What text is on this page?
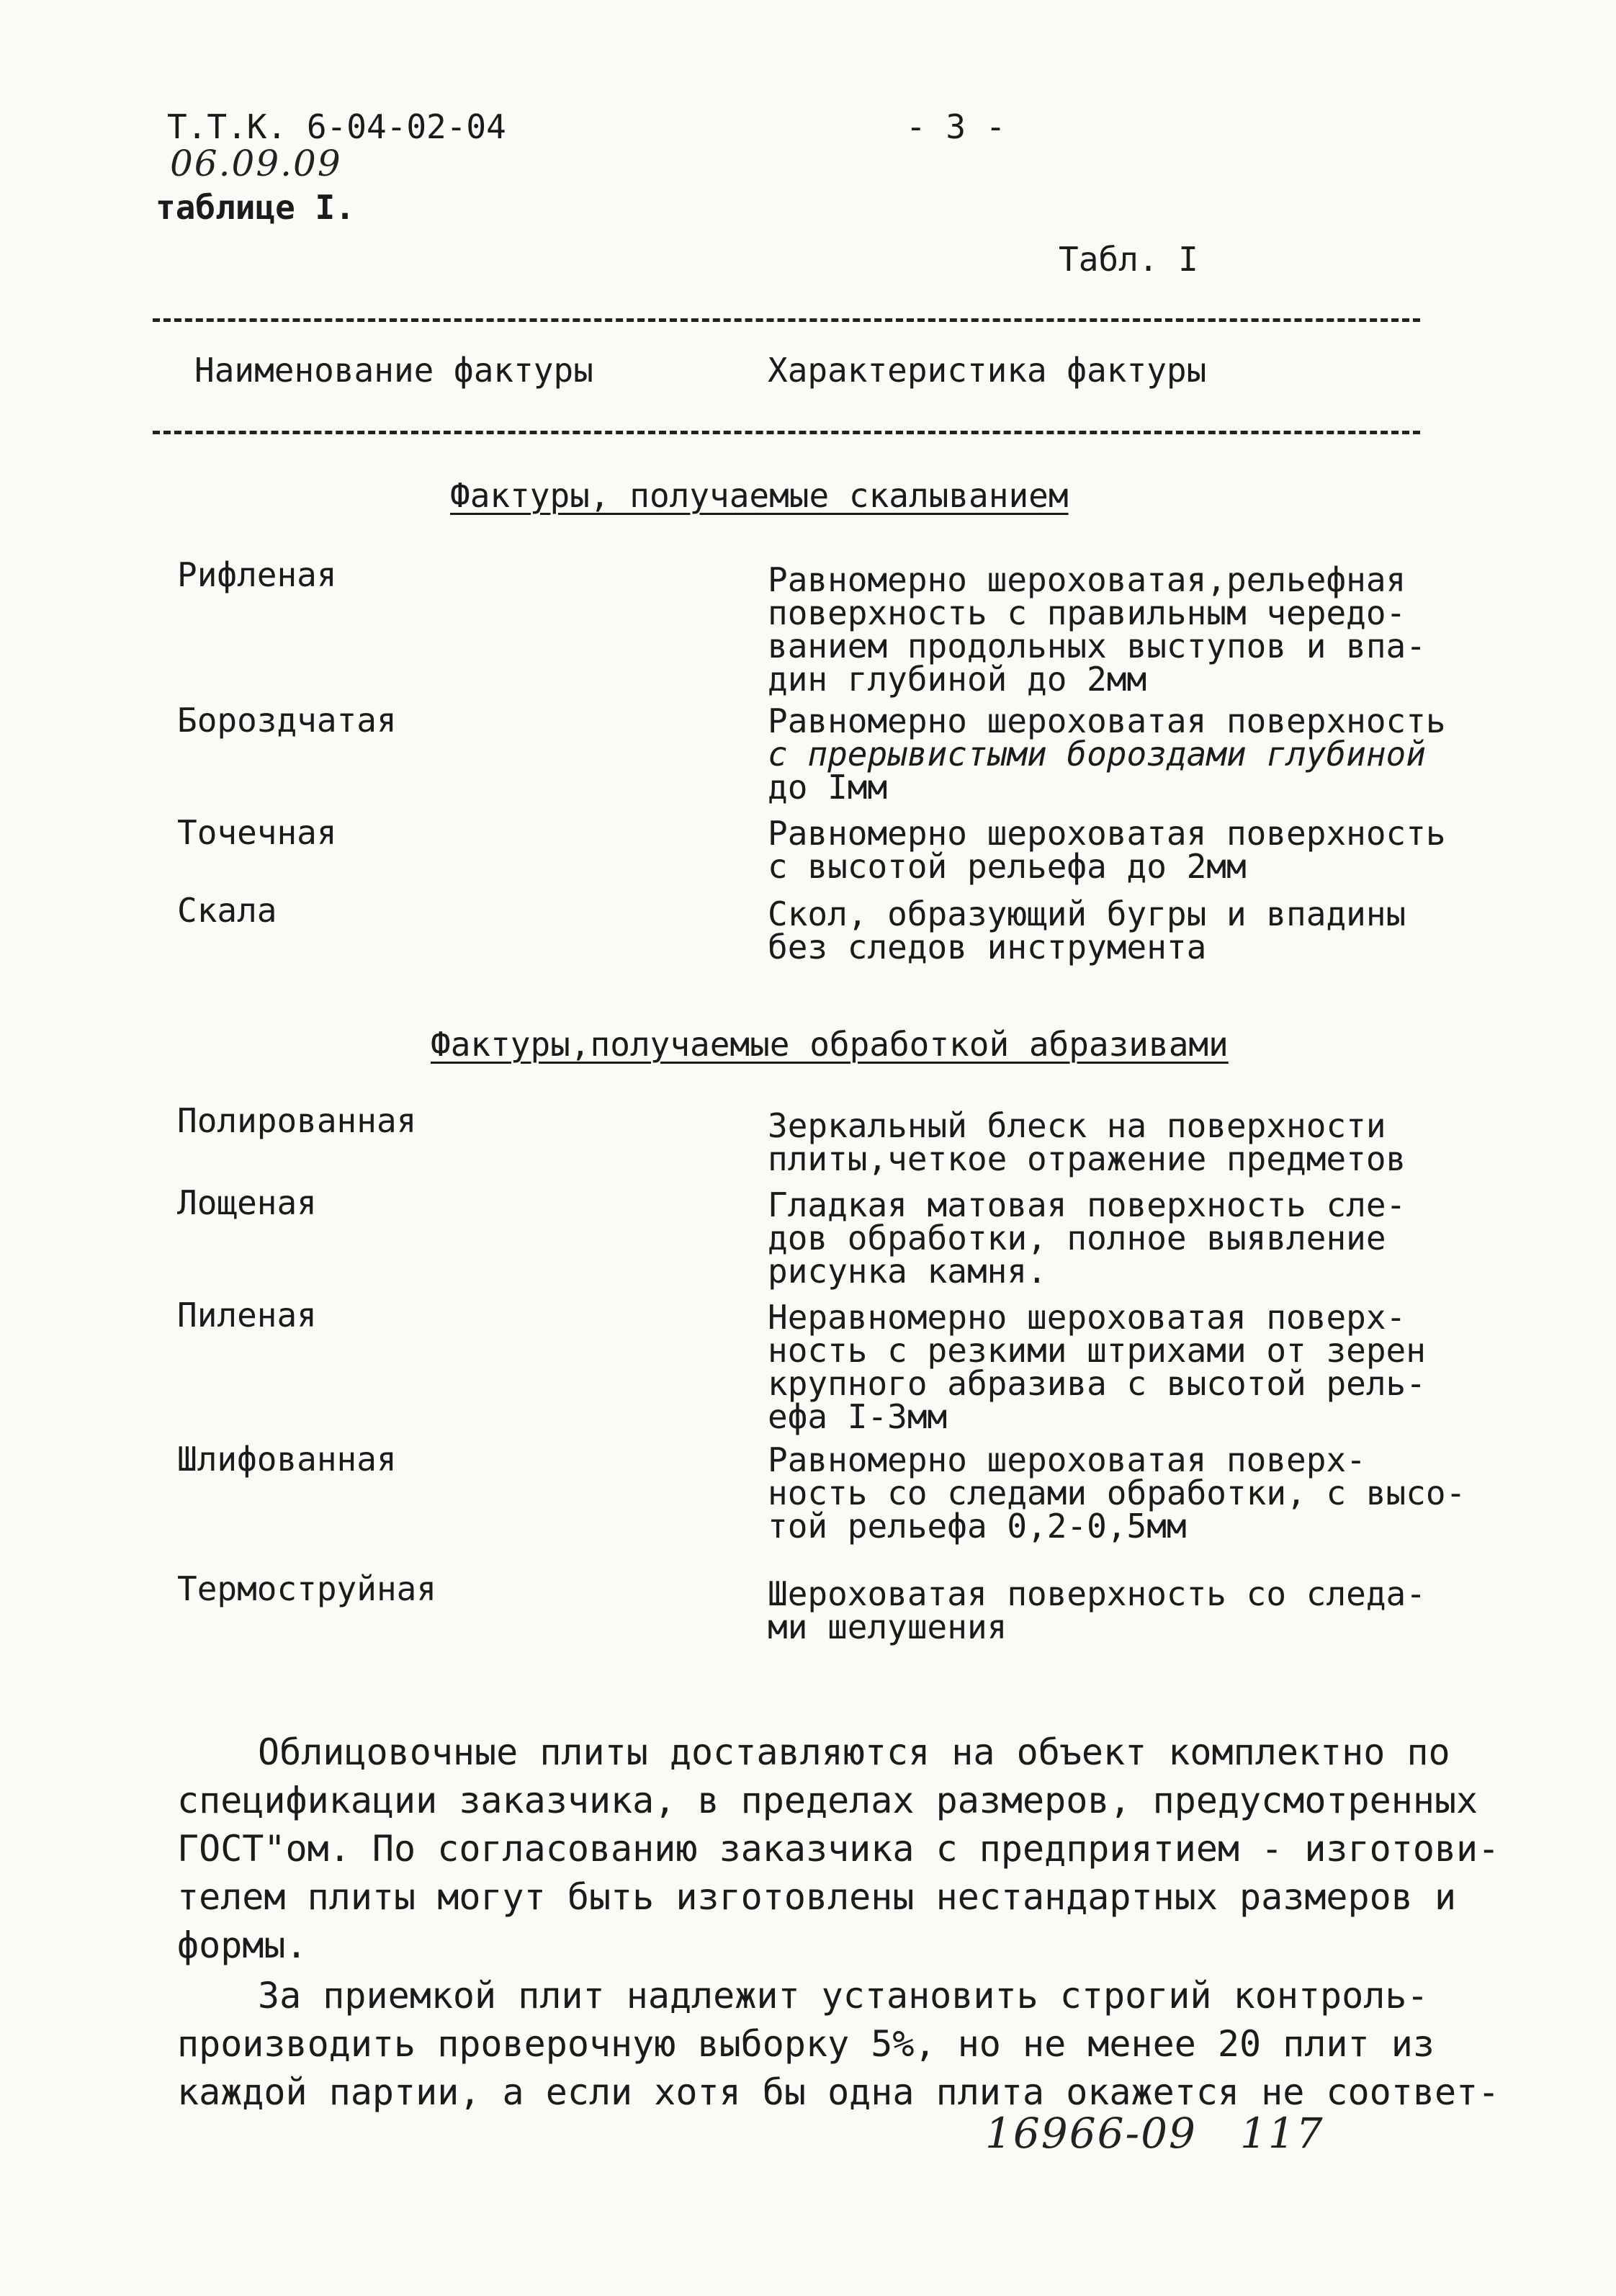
Т.Т.К. 6-04-02-04	- 3 -
06.09.09
таблице I.
Табл. I
Наименование фактуры	Характеристика фактуры
Фактуры, получаемые скалыванием
Рифленая	Равномерно шероховатая,рельефная
поверхность с правильным чередо-
ванием продольных выступов и впа-
дин глубиной до 2мм
Бороздчатая	Равномерно шероховатая поверхность
с прерывистыми бороздами глубиной
до Iмм
Точечная	Равномерно шероховатая поверхность
с высотой рельефа до 2мм
Скала	Скол, образующий бугры и впадины
без следов инструмента
Фактуры,получаемые обработкой абразивами
Полированная	Зеркальный блеск на поверхности
плиты,четкое отражение предметов
Лощеная	Гладкая матовая поверхность сле-
дов обработки, полное выявление
рисунка камня.
Пиленая	Неравномерно шероховатая поверх-
ность с резкими штрихами от зерен
крупного абразива с высотой рель-
ефа I-3мм
Шлифованная	Равномерно шероховатая поверх-
ность со следами обработки, с высо-
той рельефа 0,2-0,5мм
Термоструйная	Шероховатая поверхность со следа-
ми шелушения
Облицовочные плиты доставляются на объект комплектно по
спецификации заказчика, в пределах размеров, предусмотренных
ГОСТ"ом. По согласованию заказчика с предприятием - изготови-
телем плиты могут быть изготовлены нестандартных размеров и
формы.
За приемкой плит надлежит установить строгий контроль-
производить проверочную выборку 5%, но не менее 20 плит из
каждой партии, а если хотя бы одна плита окажется не соответ-
16966-09 117
